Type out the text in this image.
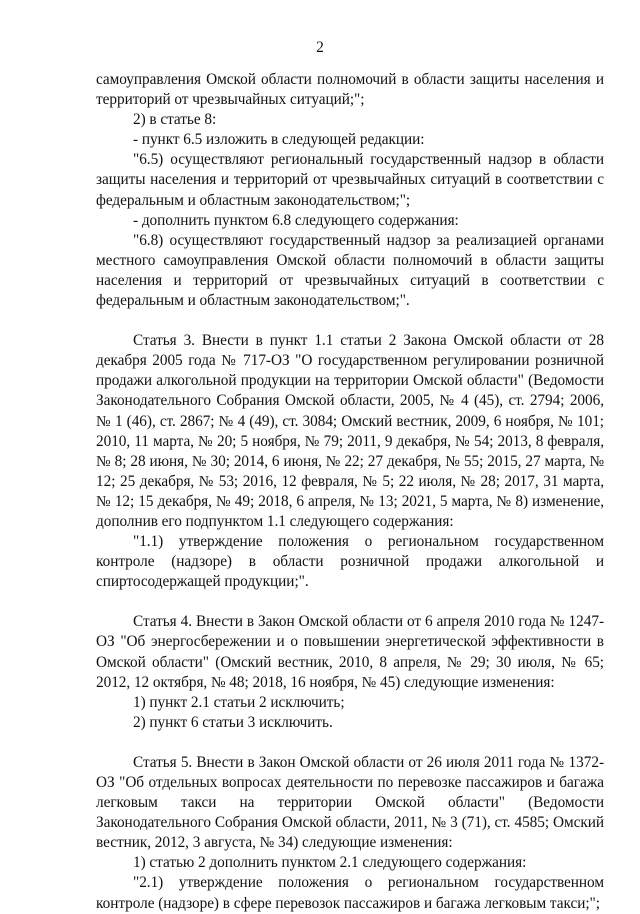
2

самоуправления Омской области полномочий в области защиты населения и территорий от чрезвычайных ситуаций;";

2) в статье 8:

- пункт 6.5 изложить в следующей редакции:

"6.5) осуществляют региональный государственный надзор в области защиты населения и территорий от чрезвычайных ситуаций в соответствии с федеральным и областным законодательством;";

- дополнить пунктом 6.8 следующего содержания:

"6.8) осуществляют государственный надзор за реализацией органами местного самоуправления Омской области полномочий в области защиты населения и территорий от чрезвычайных ситуаций в соответствии с федеральным и областным законодательством;".

Статья 3. Внести в пункт 1.1 статьи 2 Закона Омской области от 28 декабря 2005 года № 717-ОЗ "О государственном регулировании розничной продажи алкогольной продукции на территории Омской области" (Ведомости Законодательного Собрания Омской области, 2005, № 4 (45), ст. 2794; 2006, № 1 (46), ст. 2867; № 4 (49), ст. 3084; Омский вестник, 2009, 6 ноября, № 101; 2010, 11 марта, № 20; 5 ноября, № 79; 2011, 9 декабря, № 54; 2013, 8 февраля, № 8; 28 июня, № 30; 2014, 6 июня, № 22; 27 декабря, № 55; 2015, 27 марта, № 12; 25 декабря, № 53; 2016, 12 февраля, № 5; 22 июля, № 28; 2017, 31 марта, № 12; 15 декабря, № 49; 2018, 6 апреля, № 13; 2021, 5 марта, № 8) изменение, дополнив его подпунктом 1.1 следующего содержания:

"1.1) утверждение положения о региональном государственном контроле (надзоре) в области розничной продажи алкогольной и спиртосодержащей продукции;".

Статья 4. Внести в Закон Омской области от 6 апреля 2010 года № 1247-ОЗ "Об энергосбережении и о повышении энергетической эффективности в Омской области" (Омский вестник, 2010, 8 апреля, № 29; 30 июля, № 65; 2012, 12 октября, № 48; 2018, 16 ноября, № 45) следующие изменения:

1) пункт 2.1 статьи 2 исключить;

2) пункт 6 статьи 3 исключить.

Статья 5. Внести в Закон Омской области от 26 июля 2011 года № 1372-ОЗ "Об отдельных вопросах деятельности по перевозке пассажиров и багажа легковым такси на территории Омской области" (Ведомости Законодательного Собрания Омской области, 2011, № 3 (71), ст. 4585; Омский вестник, 2012, 3 августа, № 34) следующие изменения:

1) статью 2 дополнить пунктом 2.1 следующего содержания:

"2.1) утверждение положения о региональном государственном контроле (надзоре) в сфере перевозок пассажиров и багажа легковым такси;";
